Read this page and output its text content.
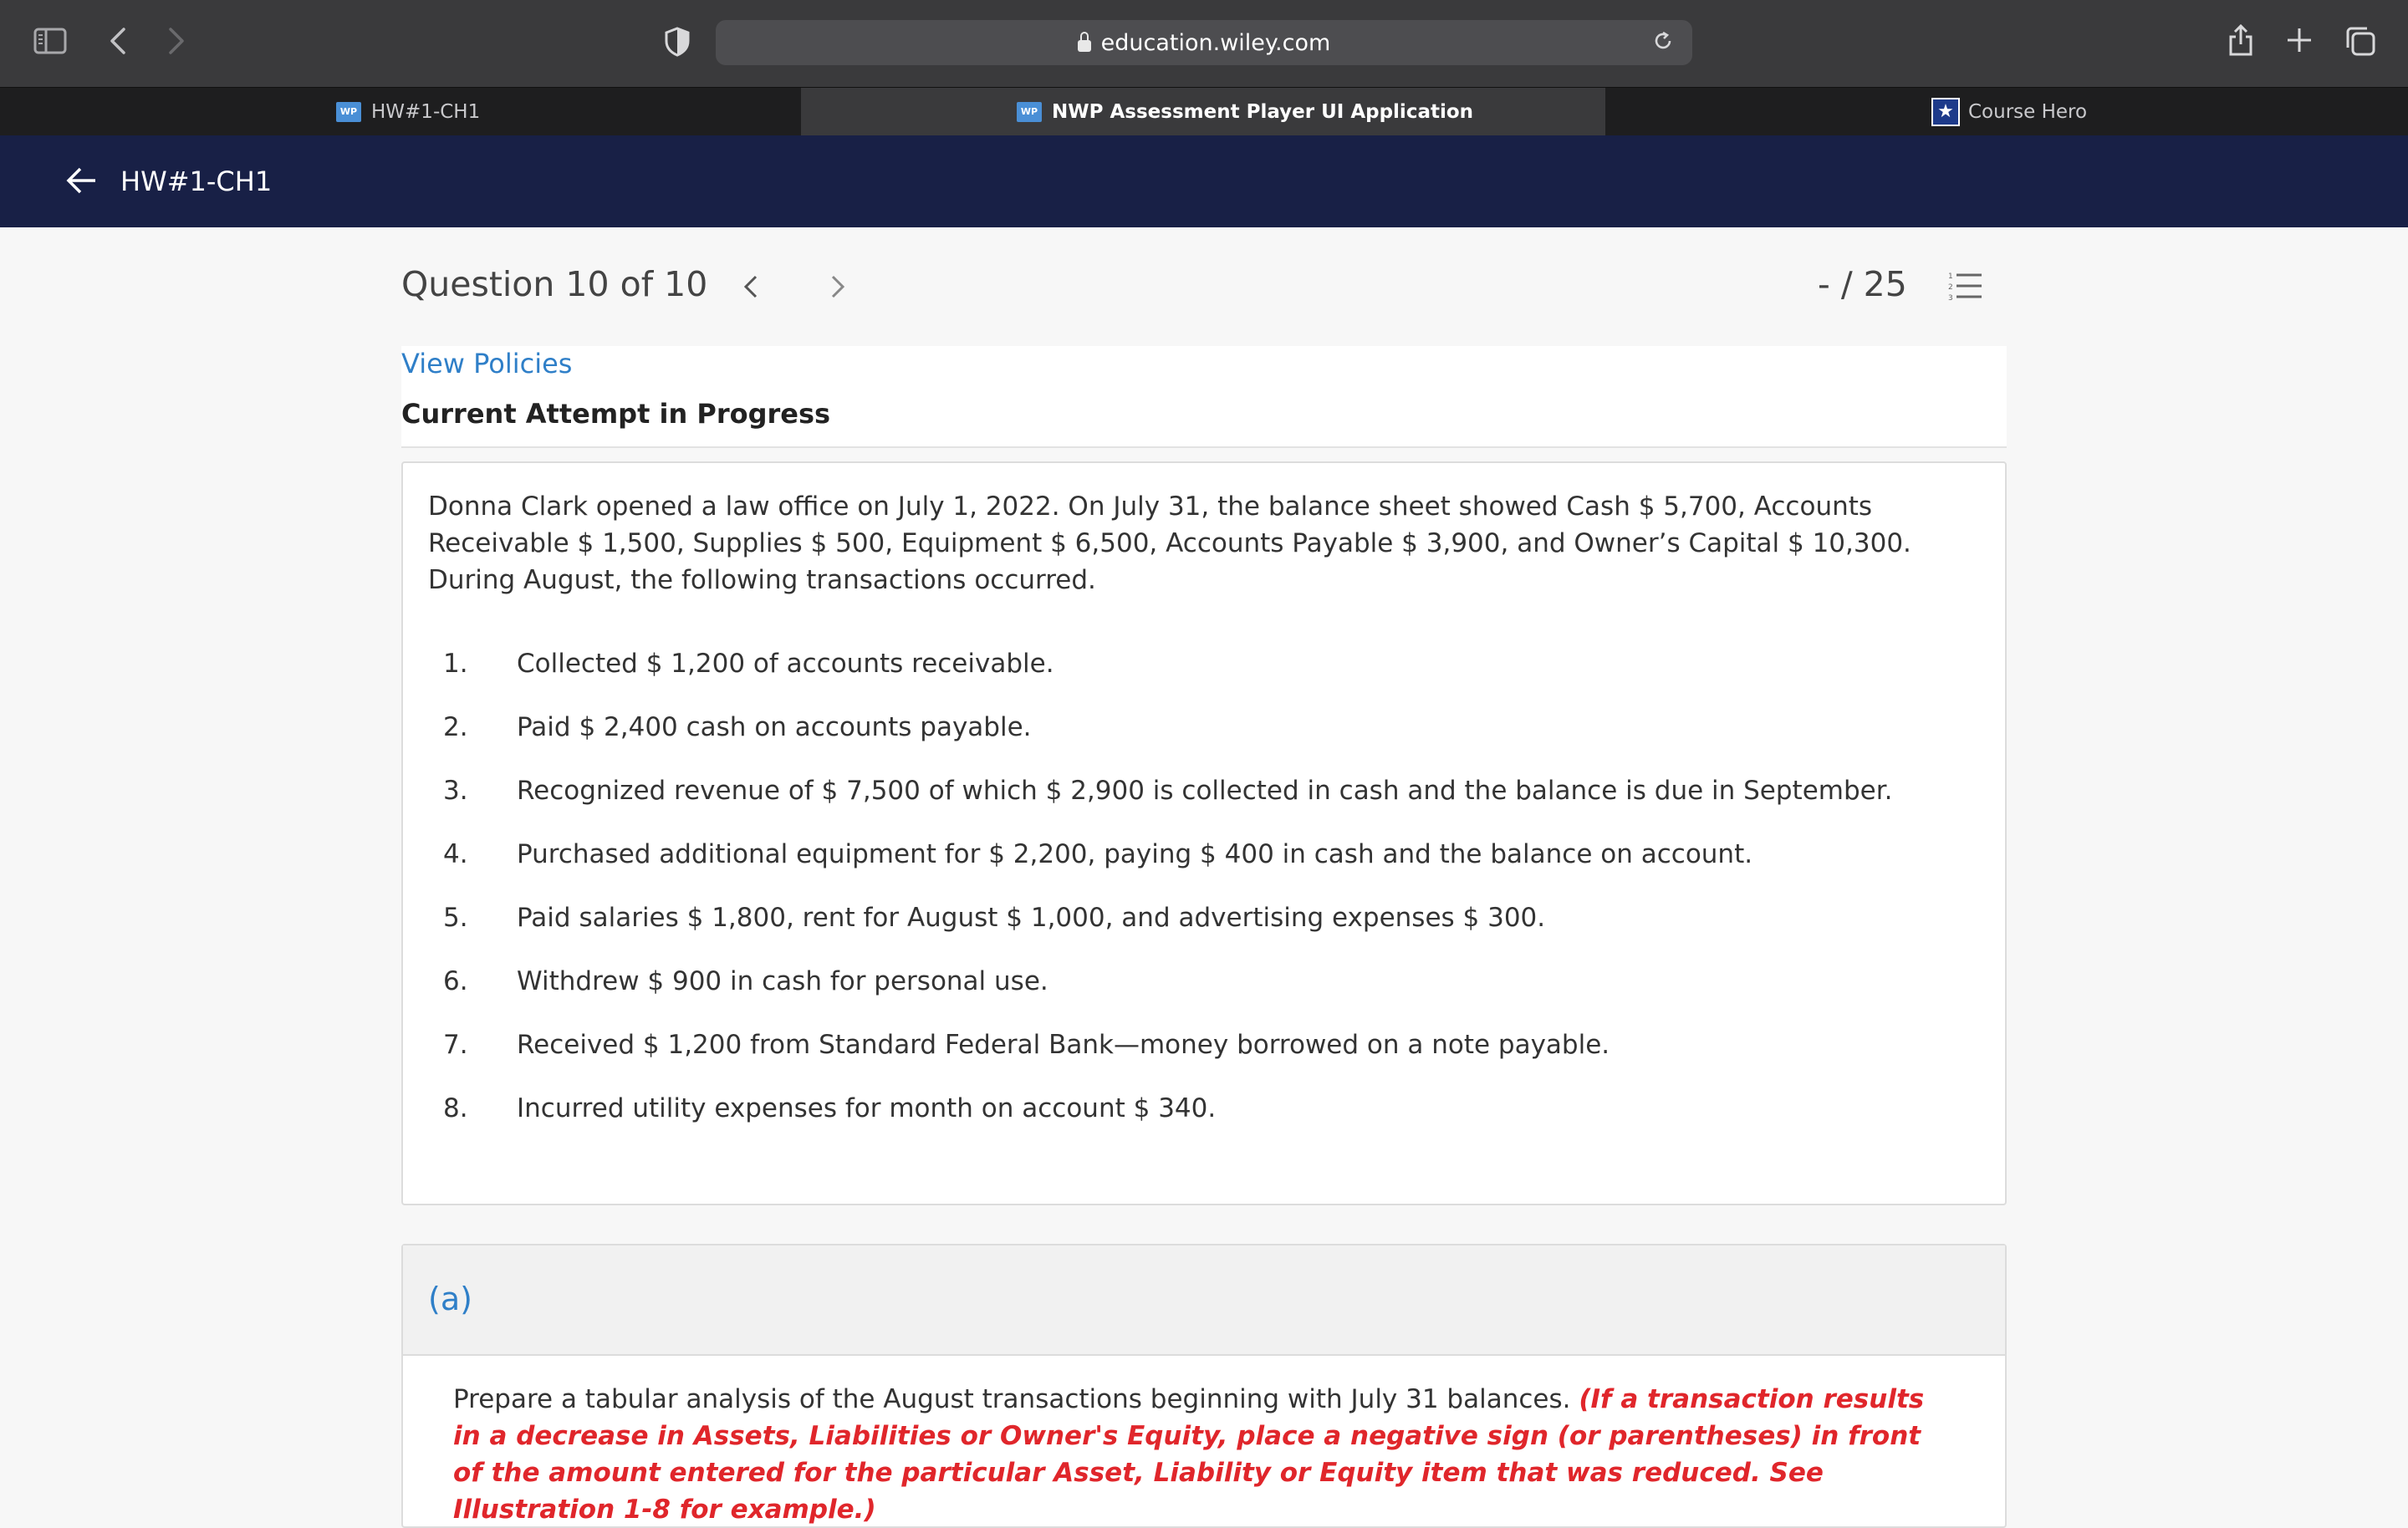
education.wiley.com
WP HW#1-CH1	WP NWP Assessment Player UI Application	★ Course Hero
HW#1-CH1
Question 10 of 10	- / 25	1
2
3
View Policies
Current Attempt in Progress
Donna Clark opened a law office on July 1, 2022. On July 31, the balance sheet showed Cash $ 5,700, Accounts Receivable $ 1,500, Supplies $ 500, Equipment $ 6,500, Accounts Payable $ 3,900, and Owner’s Capital $ 10,300. During August, the following transactions occurred.
1. Collected $ 1,200 of accounts receivable.
2. Paid $ 2,400 cash on accounts payable.
3. Recognized revenue of $ 7,500 of which $ 2,900 is collected in cash and the balance is due in September.
4. Purchased additional equipment for $ 2,200, paying $ 400 in cash and the balance on account.
5. Paid salaries $ 1,800, rent for August $ 1,000, and advertising expenses $ 300.
6. Withdrew $ 900 in cash for personal use.
7. Received $ 1,200 from Standard Federal Bank—money borrowed on a note payable.
8. Incurred utility expenses for month on account $ 340.
(a)
Prepare a tabular analysis of the August transactions beginning with July 31 balances. (If a transaction results in a decrease in Assets, Liabilities or Owner's Equity, place a negative sign (or parentheses) in front of the amount entered for the particular Asset, Liability or Equity item that was reduced. See Illustration 1-8 for example.)
